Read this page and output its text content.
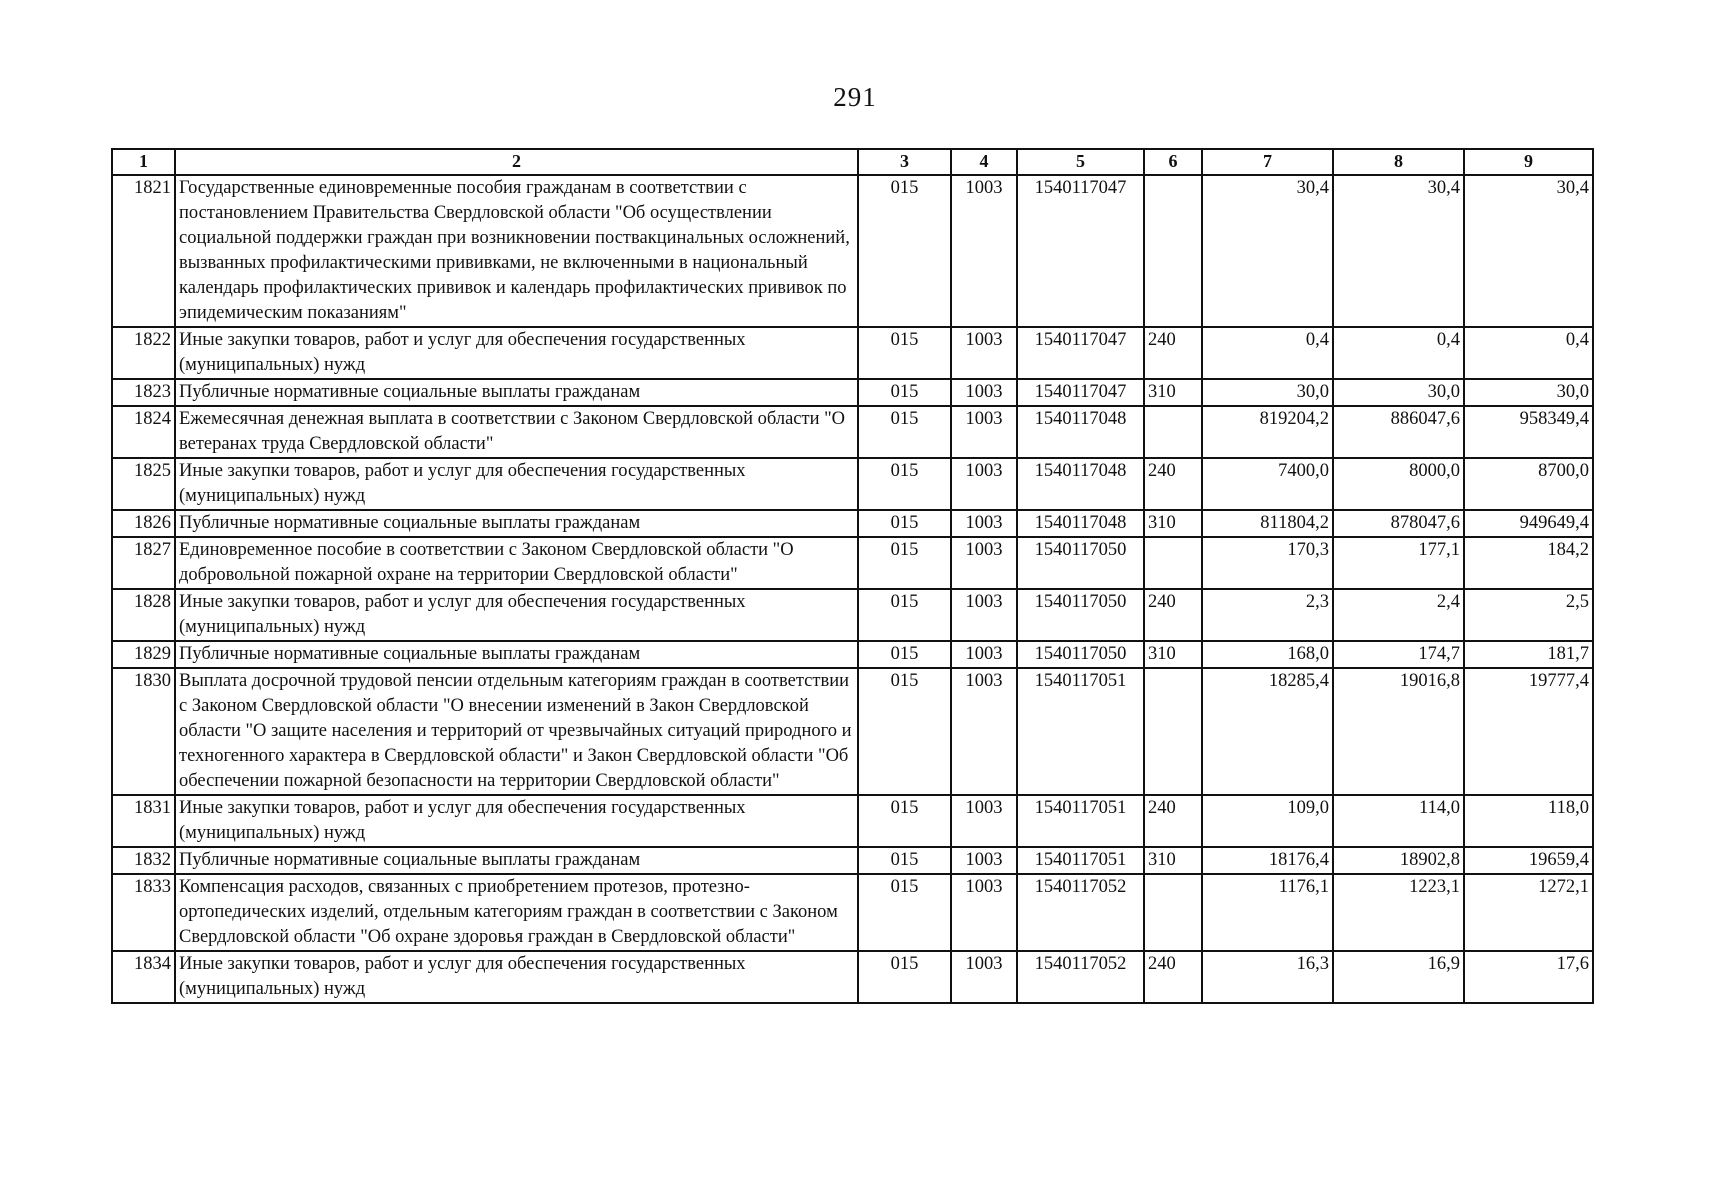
291
1	2	3	4	5	6	7	8	9
1821	Государственные единовременные пособия гражданам в соответствии с постановлением Правительства Свердловской области "Об осуществлении социальной поддержки граждан при возникновении поствакцинальных осложнений, вызванных профилактическими прививками, не включенными в национальный календарь профилактических прививок и календарь профилактических прививок по эпидемическим показаниям"	015	1003	1540117047		30,4	30,4	30,4
1822	Иные закупки товаров, работ и услуг для обеспечения государственных (муниципальных) нужд	015	1003	1540117047	240	0,4	0,4	0,4
1823	Публичные нормативные социальные выплаты гражданам	015	1003	1540117047	310	30,0	30,0	30,0
1824	Ежемесячная денежная выплата в соответствии с Законом Свердловской области "О ветеранах труда Свердловской области"	015	1003	1540117048		819204,2	886047,6	958349,4
1825	Иные закупки товаров, работ и услуг для обеспечения государственных (муниципальных) нужд	015	1003	1540117048	240	7400,0	8000,0	8700,0
1826	Публичные нормативные социальные выплаты гражданам	015	1003	1540117048	310	811804,2	878047,6	949649,4
1827	Единовременное пособие в соответствии с Законом Свердловской области "О добровольной пожарной охране на территории Свердловской области"	015	1003	1540117050		170,3	177,1	184,2
1828	Иные закупки товаров, работ и услуг для обеспечения государственных (муниципальных) нужд	015	1003	1540117050	240	2,3	2,4	2,5
1829	Публичные нормативные социальные выплаты гражданам	015	1003	1540117050	310	168,0	174,7	181,7
1830	Выплата досрочной трудовой пенсии отдельным категориям граждан в соответствии с Законом Свердловской области "О внесении изменений в Закон Свердловской области "О защите населения и территорий от чрезвычайных ситуаций природного и техногенного характера в Свердловской области" и Закон Свердловской области "Об обеспечении пожарной безопасности на территории Свердловской области"	015	1003	1540117051		18285,4	19016,8	19777,4
1831	Иные закупки товаров, работ и услуг для обеспечения государственных (муниципальных) нужд	015	1003	1540117051	240	109,0	114,0	118,0
1832	Публичные нормативные социальные выплаты гражданам	015	1003	1540117051	310	18176,4	18902,8	19659,4
1833	Компенсация расходов, связанных с приобретением протезов, протезно-ортопедических изделий, отдельным категориям граждан в соответствии с Законом Свердловской области "Об охране здоровья граждан в Свердловской области"	015	1003	1540117052		1176,1	1223,1	1272,1
1834	Иные закупки товаров, работ и услуг для обеспечения государственных (муниципальных) нужд	015	1003	1540117052	240	16,3	16,9	17,6
